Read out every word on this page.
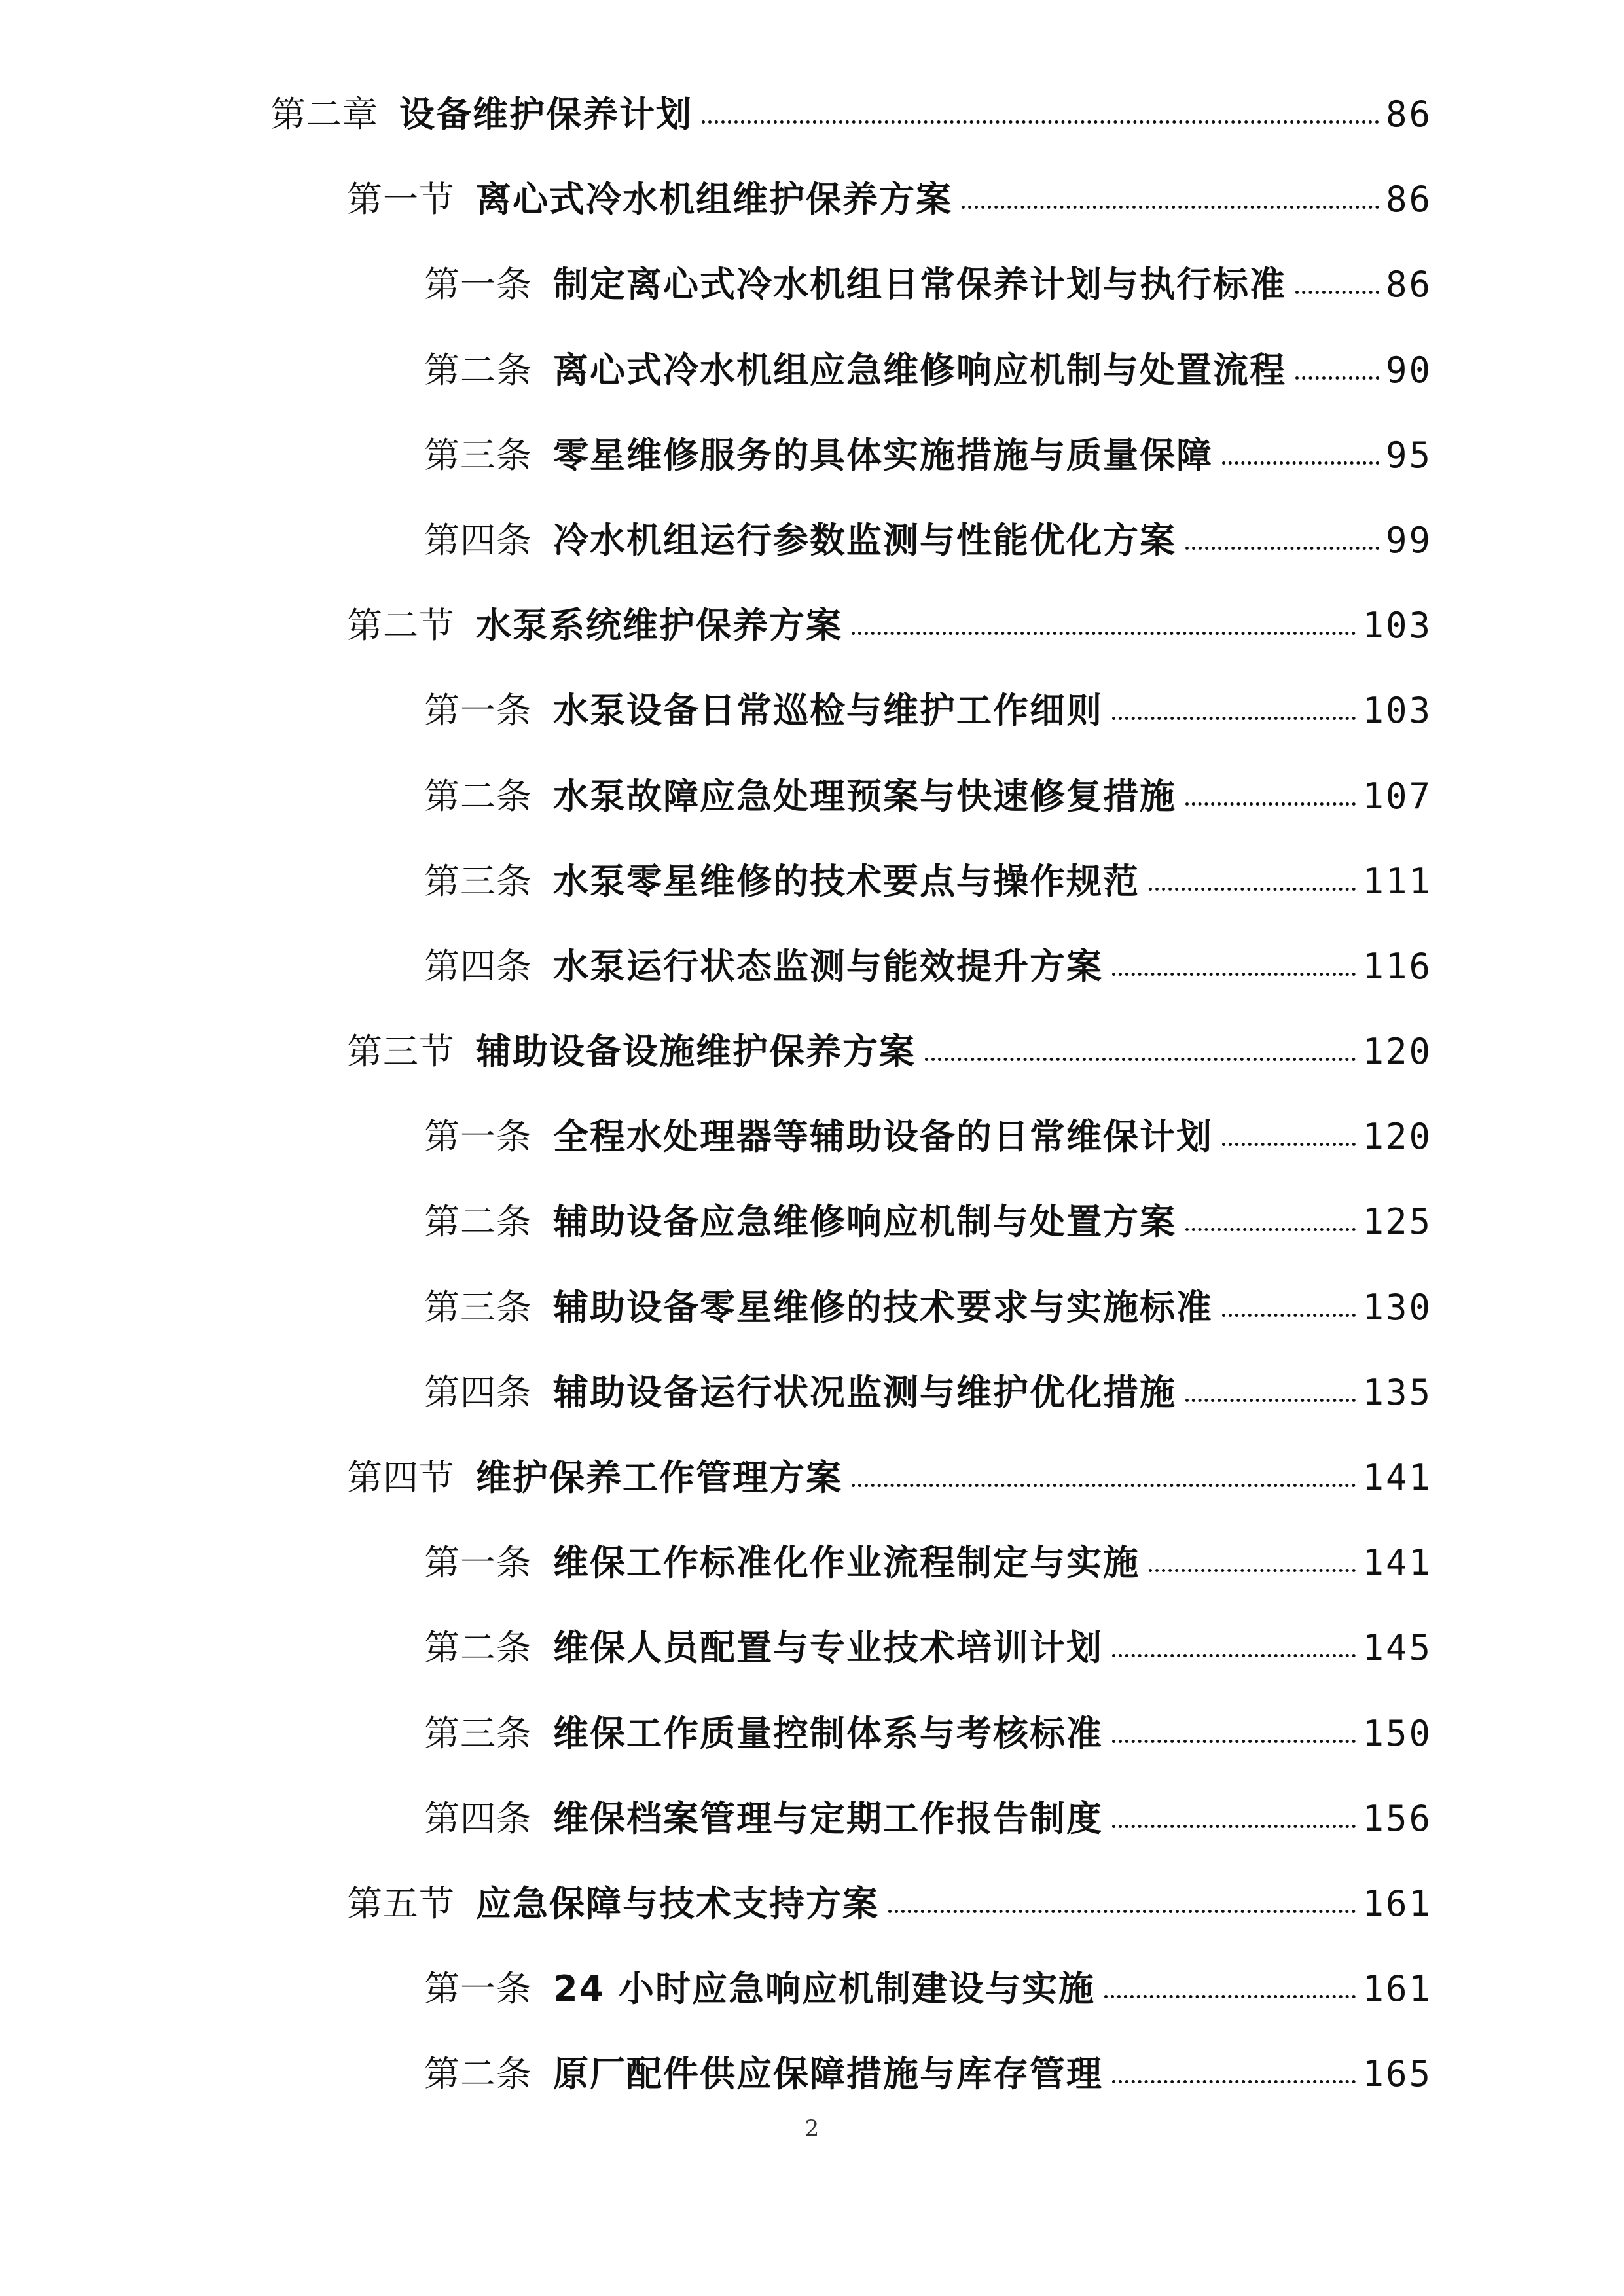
第二章 设备维护保养计划	86
第一节 离心式冷水机组维护保养方案	86
第一条 制定离心式冷水机组日常保养计划与执行标准	86
第二条 离心式冷水机组应急维修响应机制与处置流程	90
第三条 零星维修服务的具体实施措施与质量保障	95
第四条 冷水机组运行参数监测与性能优化方案	99
第二节 水泵系统维护保养方案	103
第一条 水泵设备日常巡检与维护工作细则	103
第二条 水泵故障应急处理预案与快速修复措施	107
第三条 水泵零星维修的技术要点与操作规范	111
第四条 水泵运行状态监测与能效提升方案	116
第三节 辅助设备设施维护保养方案	120
第一条 全程水处理器等辅助设备的日常维保计划	120
第二条 辅助设备应急维修响应机制与处置方案	125
第三条 辅助设备零星维修的技术要求与实施标准	130
第四条 辅助设备运行状况监测与维护优化措施	135
第四节 维护保养工作管理方案	141
第一条 维保工作标准化作业流程制定与实施	141
第二条 维保人员配置与专业技术培训计划	145
第三条 维保工作质量控制体系与考核标准	150
第四条 维保档案管理与定期工作报告制度	156
第五节 应急保障与技术支持方案	161
第一条 24 小时应急响应机制建设与实施	161
第二条 原厂配件供应保障措施与库存管理	165
2
